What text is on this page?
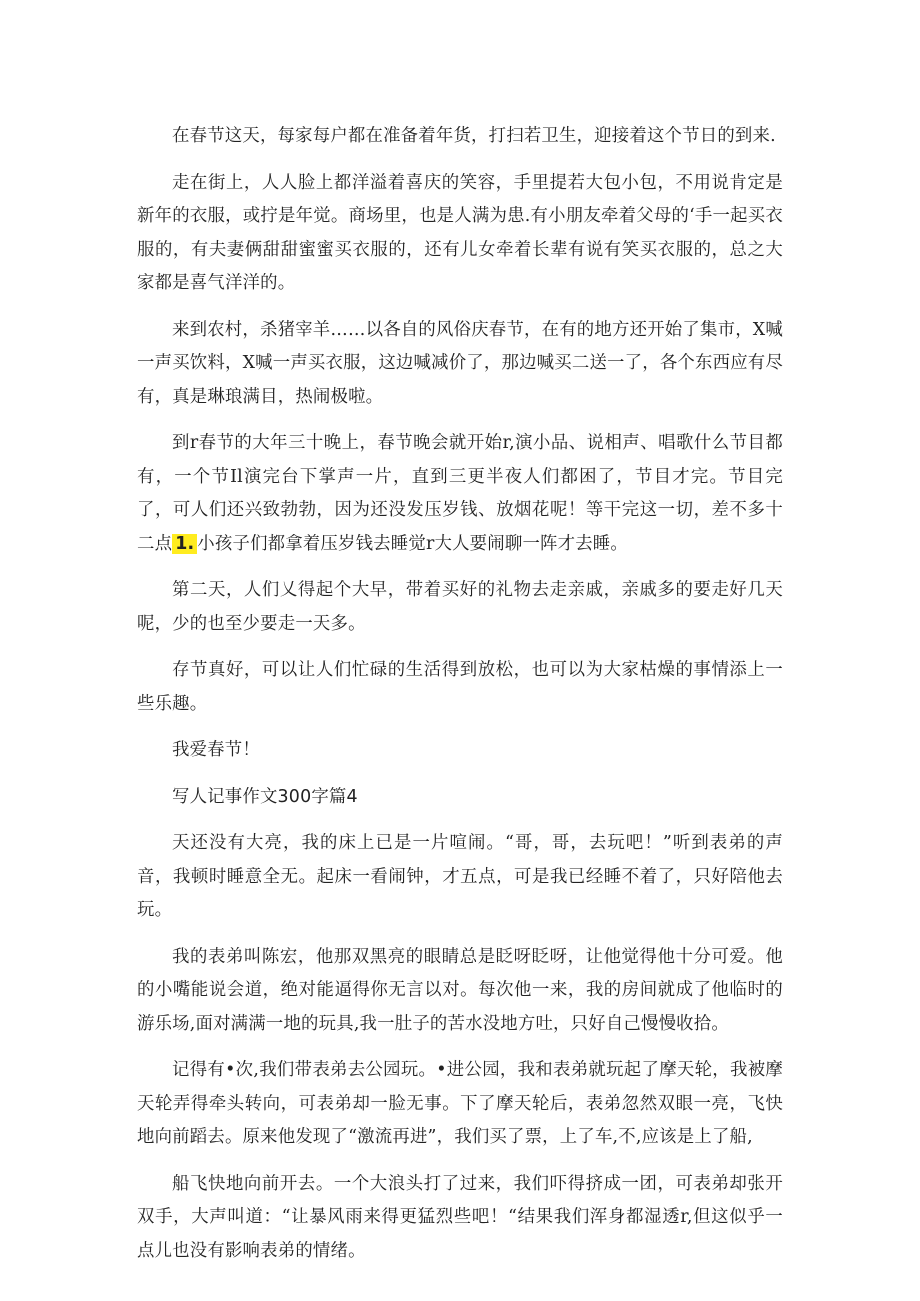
在春节这天，每家每户都在准备着年货，打扫若卫生，迎接着这个节日的到来.

走在街上，人人脸上都洋溢着喜庆的笑容，手里提若大包小包，不用说肯定是新年的衣服，或拧是年觉。商场里，也是人满为患.有小朋友牵着父母的‘手一起买衣服的，有夫妻俩甜甜蜜蜜买衣服的，还有儿女牵着长辈有说有笑买衣服的，总之大家都是喜气洋洋的。

来到农村，杀猪宰羊……以各自的风俗庆春节，在有的地方还开始了集市，X喊一声买饮料，X喊一声买衣服，这边喊减价了，那边喊买二送一了，各个东西应有尽有，真是琳琅满目，热闹极啦。

到r春节的大年三十晚上，春节晚会就开始r,演小品、说相声、唱歌什么节目都有，一个节Il演完台下掌声一片，直到三更半夜人们都困了，节目才完。节目完了，可人们还兴致勃勃，因为还没发压岁钱、放烟花呢！等干完这一切，差不多十二点 1. 小孩子们都拿着压岁钱去睡觉r大人要闹聊一阵才去睡。

第二天，人们乂得起个大早，带着买好的礼物去走亲戚，亲戚多的要走好几天呢，少的也至少要走一天多。

存节真好，可以让人们忙碌的生活得到放松，也可以为大家枯燥的事情添上一些乐趣。

我爱春节！

写人记事作文300字篇4

天还没有大亮，我的床上已是一片喧闹。“哥，哥，去玩吧！”听到表弟的声音，我顿时睡意全无。起床一看闹钟，才五点，可是我已经睡不着了，只好陪他去玩。

我的表弟叫陈宏，他那双黑亮的眼睛总是眨呀眨呀，让他觉得他十分可爱。他的小嘴能说会道，绝对能逼得你无言以对。每次他一来，我的房间就成了他临时的游乐场,面对满满一地的玩具,我一肚子的苦水没地方吐，只好自己慢慢收拾。

记得有•次,我们带表弟去公园玩。•进公园，我和表弟就玩起了摩天轮，我被摩天轮弄得牵头转向，可表弟却一脸无事。下了摩天轮后，表弟忽然双眼一亮，飞快地向前蹈去。原来他发现了“激流再进”，我们买了票，上了车,不,应该是上了船,

船飞快地向前开去。一个大浪头打了过来，我们吓得挤成一团，可表弟却张开双手，大声叫道：“让暴风雨来得更猛烈些吧！“结果我们浑身都湿透r,但这似乎一点儿也没有影响表弟的情绪。
